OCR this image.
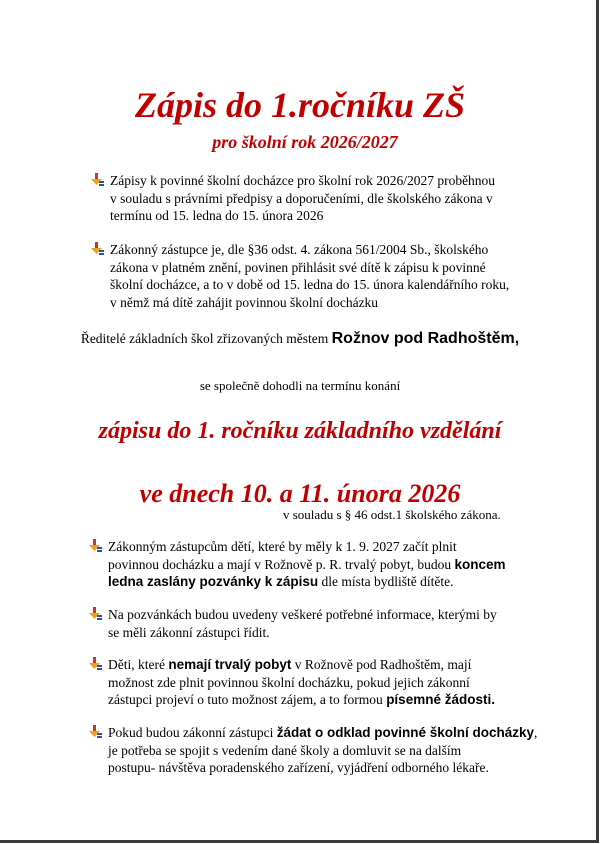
Zápis do 1.ročníku ZŠ
pro školní rok 2026/2027
Zápisy k povinné školní docházce pro školní rok 2026/2027 proběhnou
v souladu s právními předpisy a doporučeními, dle školského zákona v
termínu od 15. ledna do 15. února 2026
Zákonný zástupce je, dle §36 odst. 4. zákona 561/2004 Sb., školského
zákona v platném znění, povinen přihlásit své dítě k zápisu k povinné
školní docházce, a to v době od 15. ledna do 15. února kalendářního roku,
v němž má dítě zahájit povinnou školní docházku
Ředitelé základních škol zřizovaných městem Rožnov pod Radhoštěm,
se společně dohodli na termínu konání
zápisu do 1. ročníku základního vzdělání
ve dnech 10. a 11. února 2026
v souladu s § 46 odst.1 školského zákona.
Zákonným zástupcům dětí, které by měly k 1. 9. 2027 začít plnit
povinnou docházku a mají v Rožnově p. R. trvalý pobyt, budou koncem
ledna zaslány pozvánky k zápisu dle místa bydliště dítěte.
Na pozvánkách budou uvedeny veškeré potřebné informace, kterými by
se měli zákonní zástupci řídit.
Děti, které nemají trvalý pobyt v Rožnově pod Radhoštěm, mají
možnost zde plnit povinnou školní docházku, pokud jejich zákonní
zástupci projeví o tuto možnost zájem, a to formou písemné žádosti.
Pokud budou zákonní zástupci žádat o odklad povinné školní docházky,
je potřeba se spojit s vedením dané školy a domluvit se na dalším
postupu- návštěva poradenského zařízení, vyjádření odborného lékaře.
